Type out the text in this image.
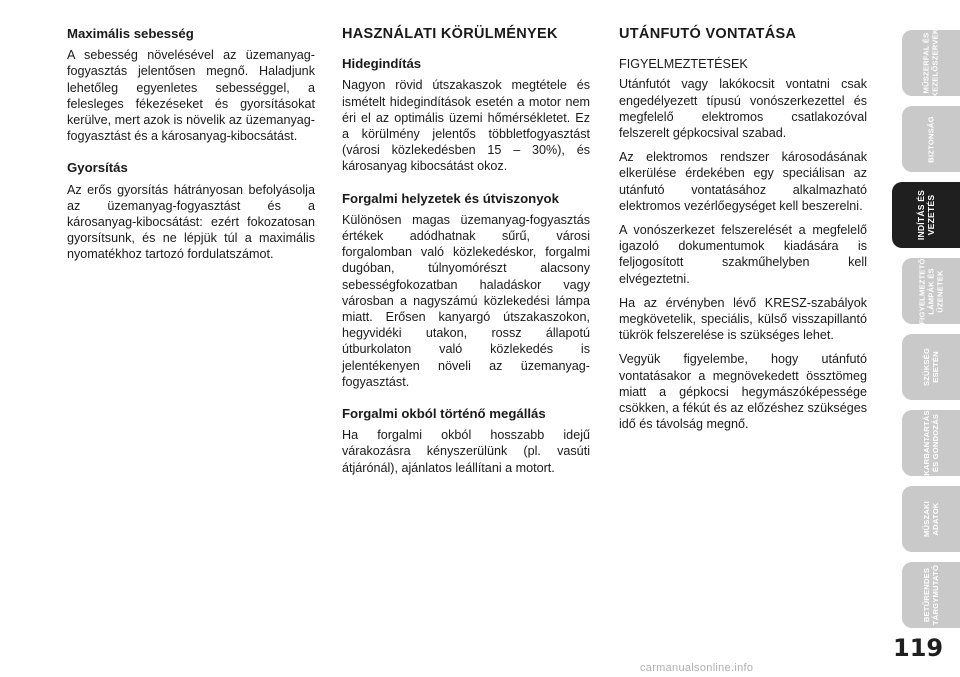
Maximális sebesség

A sebesség növelésével az üzemanyag-fogyasztás jelentősen megnő. Haladjunk lehetőleg egyenletes sebességgel, a felesleges fékezéseket és gyorsításokat kerülve, mert azok is növelik az üzemanyag-fogyasztást és a károsanyag-kibocsátást.

Gyorsítás

Az erős gyorsítás hátrányosan befolyásolja az üzemanyag-fogyasztást és a károsanyag-kibocsátást: ezért fokozatosan gyorsítsunk, és ne lépjük túl a maximális nyomatékhoz tartozó fordulatszámot.

HASZNÁLATI KÖRÜLMÉNYEK
Hidegindítás

Nagyon rövid útszakaszok megtétele és ismételt hidegindítások esetén a motor nem éri el az optimális üzemi hőmérsékletet. Ez a körülmény jelentős többletfogyasztást (városi közlekedésben 15 – 30%), és károsanyag kibocsátást okoz.

Forgalmi helyzetek és útviszonyok

Különösen magas üzemanyag-fogyasztás értékek adódhatnak sűrű, városi forgalomban való közlekedéskor, forgalmi dugóban, túlnyomórészt alacsony sebességfokozatban haladáskor vagy városban a nagyszámú közlekedési lámpa miatt. Erősen kanyargó útszakaszokon, hegyvidéki utakon, rossz állapotú útburkolaton való közlekedés is jelentékenyen növeli az üzemanyag-fogyasztást.

Forgalmi okból történő megállás

Ha forgalmi okból hosszabb idejű várakozásra kényszerülünk (pl. vasúti átjárónál), ajánlatos leállítani a motort.

UTÁNFUTÓ VONTATÁSA

FIGYELMEZTETÉSEK

Utánfutót vagy lakókocsit vontatni csak engedélyezett típusú vonószerkezettel és megfelelő elektromos csatlakozóval felszerelt gépkocsival szabad.

Az elektromos rendszer károsodásának elkerülése érdekében egy speciálisan az utánfutó vontatásához alkalmazható elektromos vezérlőegységet kell beszerelni.

A vonószerkezet felszerelését a megfelelő igazoló dokumentumok kiadására is feljogosított szakműhelyben kell elvégeztetni.

Ha az érvényben lévő KRESZ-szabályok megkövetelik, speciális, külső visszapillantó tükrök felszerelése is szükséges lehet.

Vegyük figyelembe, hogy utánfutó vontatásakor a megnövekedett össztömeg miatt a gépkocsi hegymászóképessége csökken, a fékút és az előzéshez szükséges idő és távolság megnő.

MŰSZERFAL ÉS
KEZELŐSZERVEK
BIZTONSÁG
INDÍTÁS ÉS
VEZETÉS
FIGYELMEZTETŐ
LÁMPÁK ÉS
ÜZENETEK
SZÜKSÉG
ESETÉN
KARBANTARTÁS
ÉS GONDOZÁS
MŰSZAKI
ADATOK
BETŰRENDES
TÁRGYMUTATÓ
119
carmanualsonline.info
